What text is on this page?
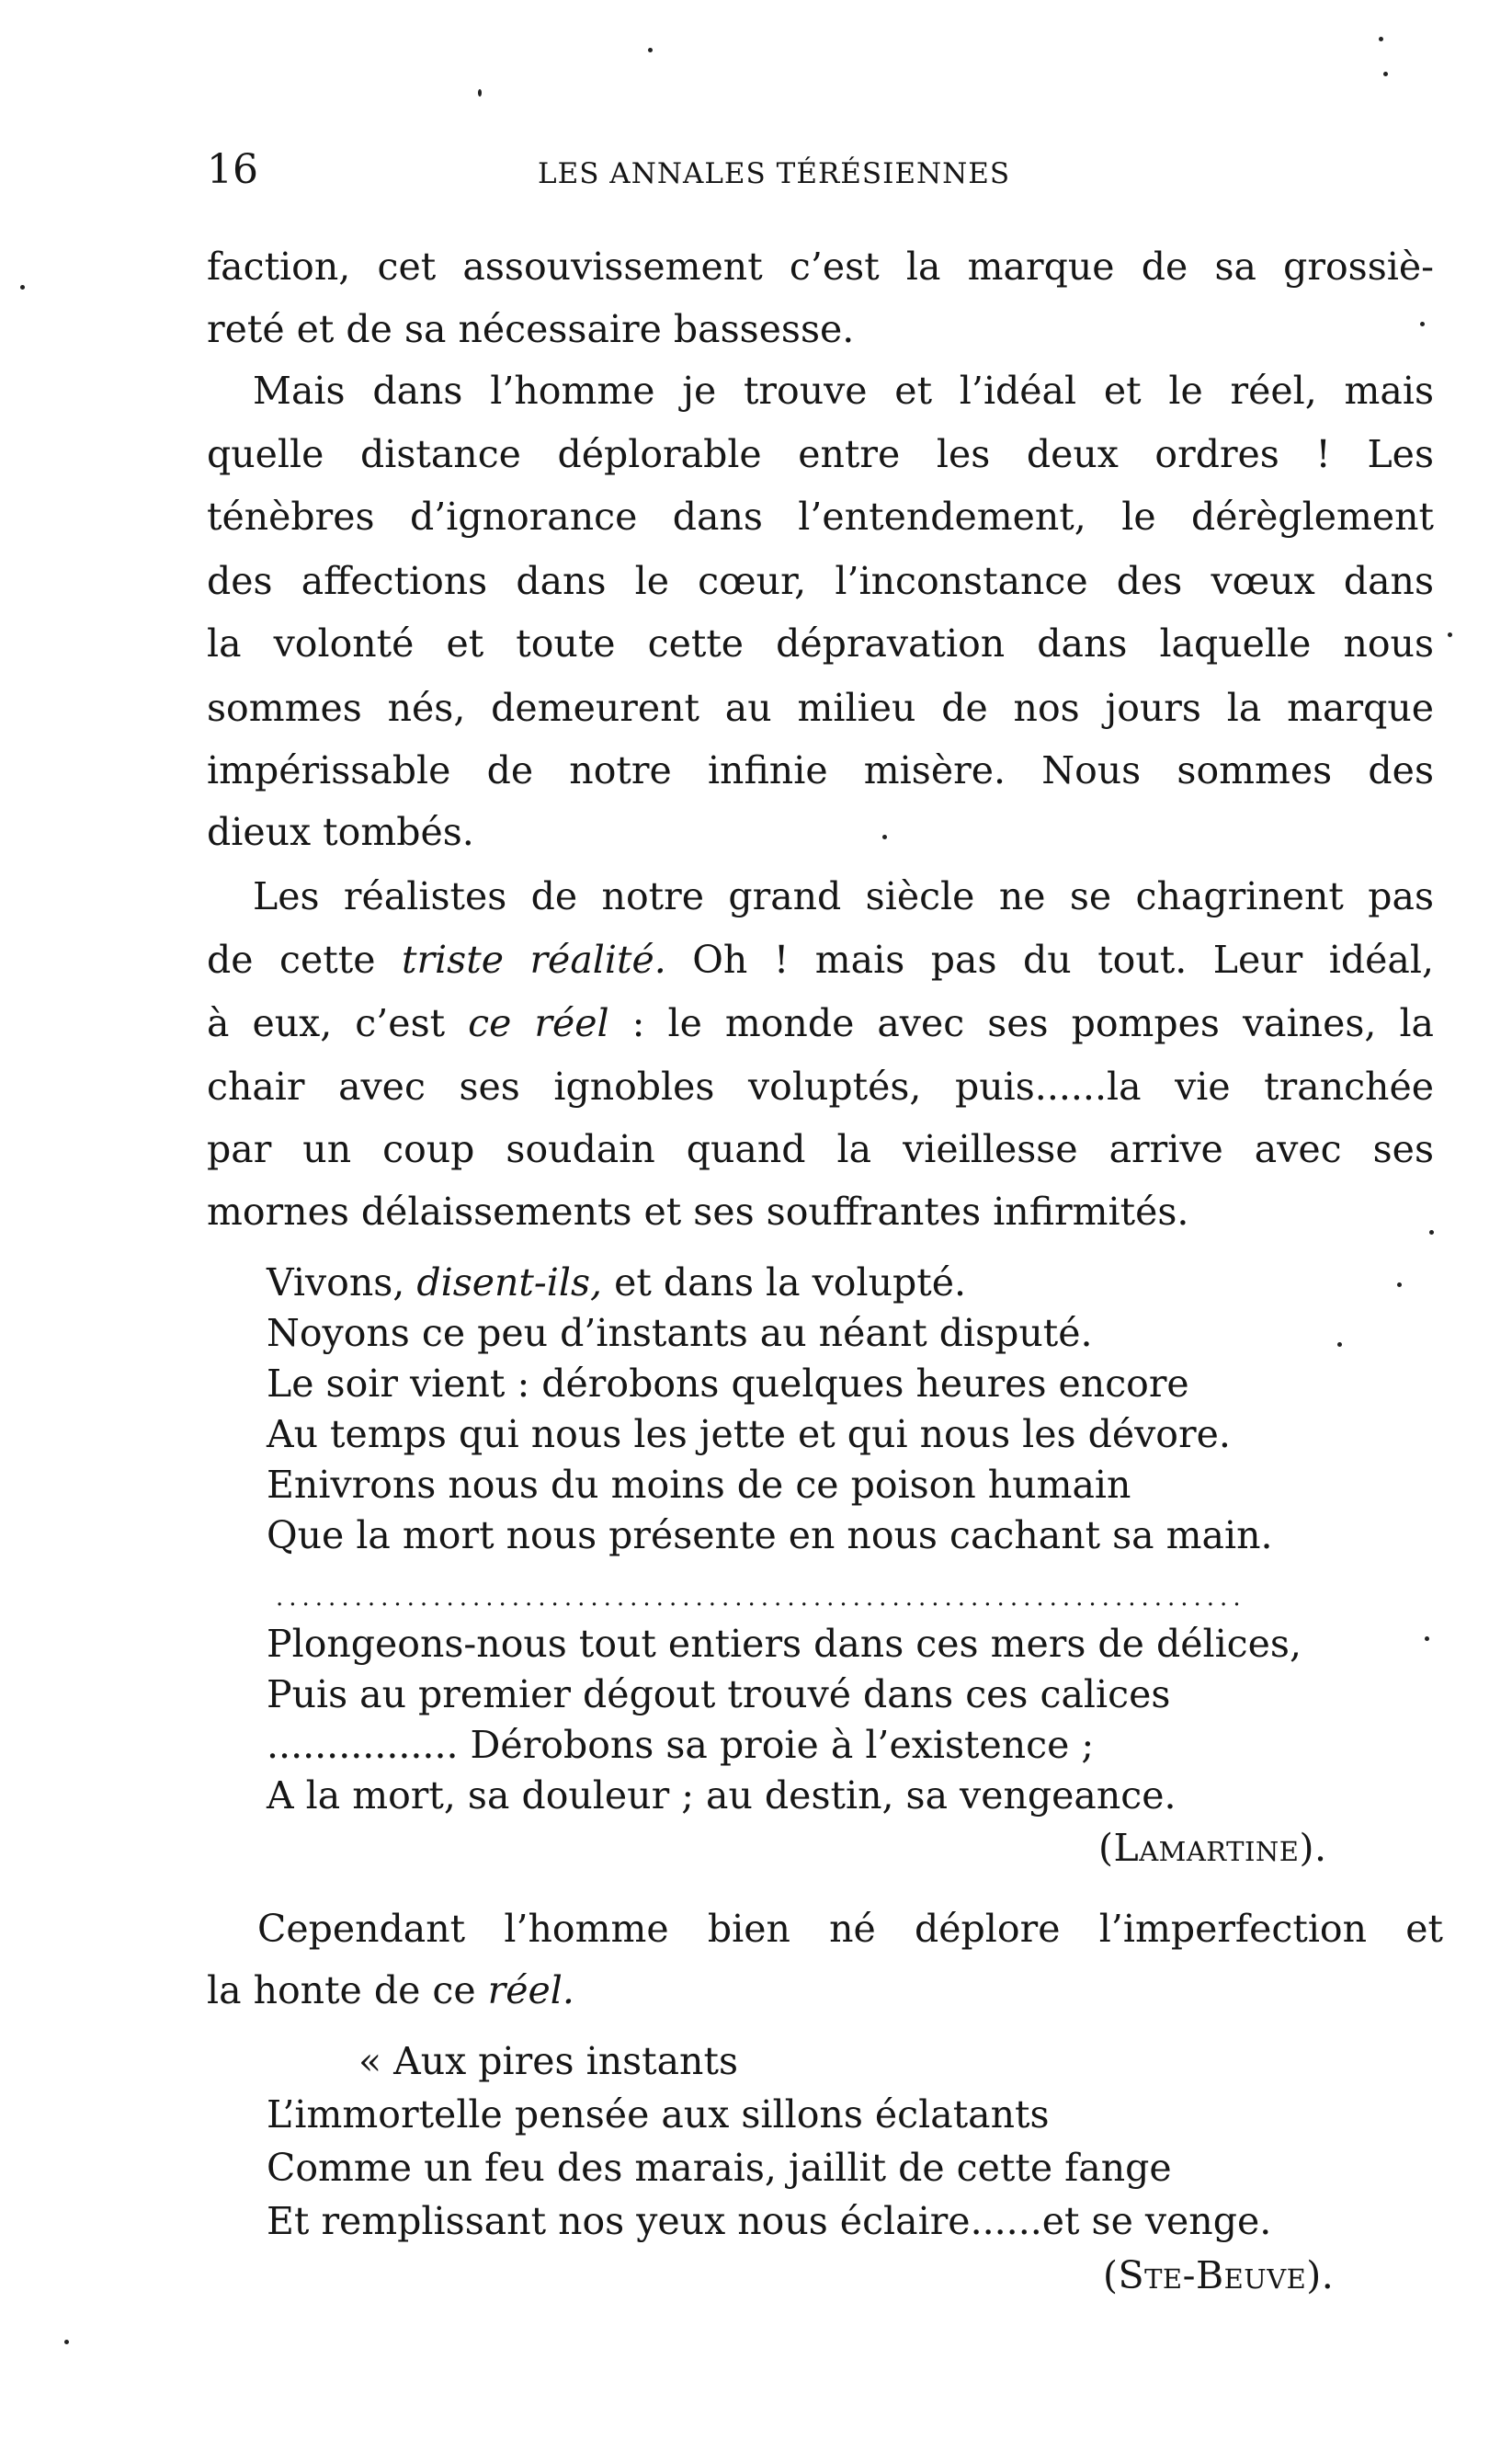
16	LES ANNALES TÉRÉSIENNES
faction, cet assouvissement c’est la marque de sa grossiè-
reté et de sa nécessaire bassesse.
Mais dans l’homme je trouve et l’idéal et le réel, mais
quelle distance déplorable entre les deux ordres ! Les
ténèbres d’ignorance dans l’entendement, le dérèglement
des affections dans le cœur, l’inconstance des vœux dans
la volonté et toute cette dépravation dans laquelle nous
sommes nés, demeurent au milieu de nos jours la marque
impérissable de notre infinie misère. Nous sommes des
dieux tombés.
Les réalistes de notre grand siècle ne se chagrinent pas
de cette triste réalité. Oh ! mais pas du tout. Leur idéal,
à eux, c’est ce réel : le monde avec ses pompes vaines, la
chair avec ses ignobles voluptés, puis......la vie tranchée
par un coup soudain quand la vieillesse arrive avec ses
mornes délaissements et ses souffrantes infirmités.
Vivons, disent-ils, et dans la volupté.
Noyons ce peu d’instants au néant disputé.
Le soir vient : dérobons quelques heures encore
Au temps qui nous les jette et qui nous les dévore.
Enivrons nous du moins de ce poison humain
Que la mort nous présente en nous cachant sa main.
..........................................................................
Plongeons-nous tout entiers dans ces mers de délices,
Puis au premier dégout trouvé dans ces calices
................ Dérobons sa proie à l’existence ;
A la mort, sa douleur ; au destin, sa vengeance.
(Lamartine).
Cependant l’homme bien né déplore l’imperfection et
la honte de ce réel.
« Aux pires instants
L’immortelle pensée aux sillons éclatants
Comme un feu des marais, jaillit de cette fange
Et remplissant nos yeux nous éclaire......et se venge.
(Ste-Beuve).
